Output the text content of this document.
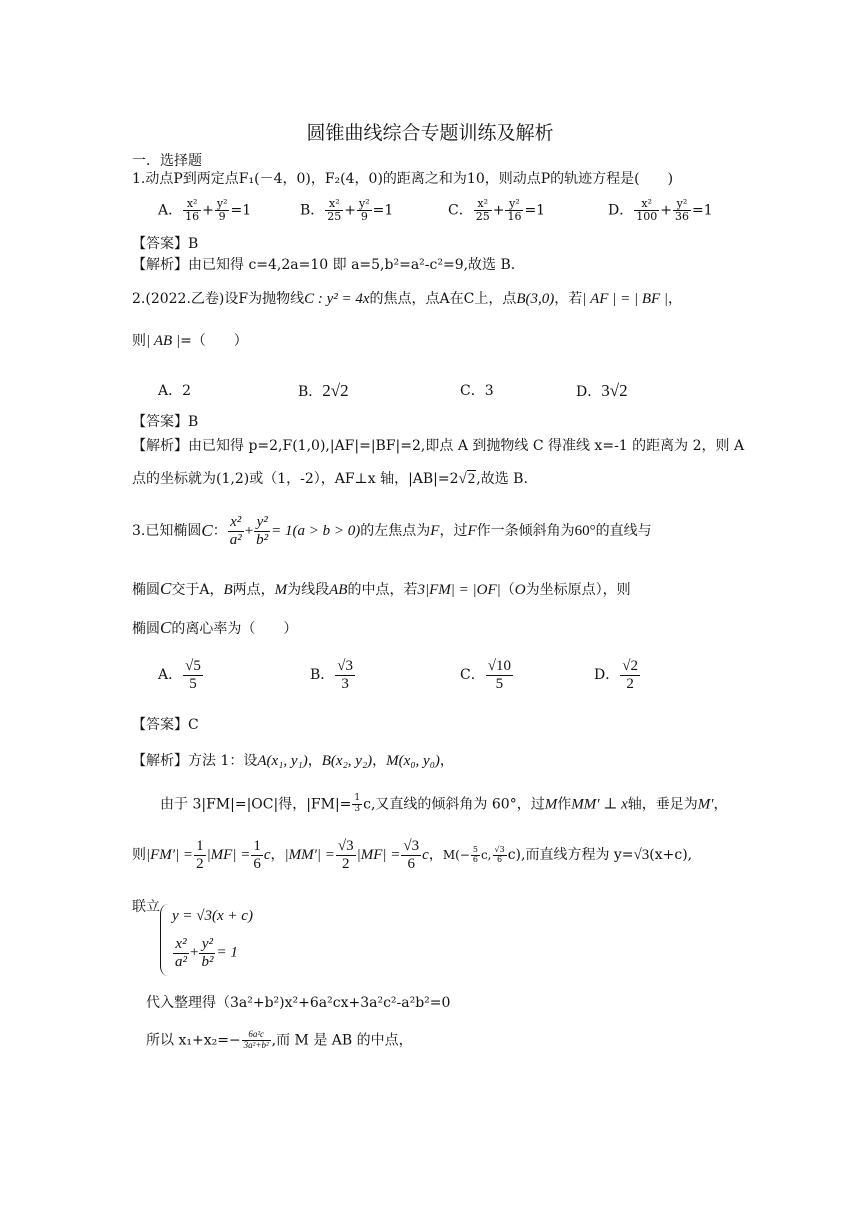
圆锥曲线综合专题训练及解析
一．选择题
1.动点P到两定点F₁(－4，0)，F₂(4，0)的距离之和为10，则动点P的轨迹方程是(　　)
A． $\frac{\text{x²}}{16} + \frac{\text{y²}}{9} =1$	B． $\frac{\text{x²}}{25} + \frac{\text{y²}}{9} =1$	C． $\frac{\text{x²}}{25} + \frac{\text{y²}}{16} =1$	D． $\frac{\text{x²}}{100} + \frac{\text{y²}}{36} =1$
【答案】B
【解析】由已知得 c=4,2a=10 即 a=5,b²=a²-c²=9,故选 B.
2.(2022.乙卷)设F为抛物线C : y² = 4x的焦点，点A在C上，点B(3,0)，若| AF | = | BF |，
则| AB |=（　　）
A．2	B．2√2	C．3	D．3√2
【答案】B
【解析】由已知得 p=2,F(1,0),|AF|=|BF|=2,即点 A 到抛物线 C 得准线 x=-1 的距离为 2，则 A
点的坐标就为(1,2)或（1，-2），AF⊥x 轴，|AB|=2√2,故选 B.
3.已知椭圆C： $\frac{\text{x²}}{\text{a²}} + \frac{\text{y²}}{\text{b²}} = 1(a > b > 0)$的左焦点为F，过F作一条倾斜角为60°的直线与
椭圆C交于A，B两点，M为线段AB的中点，若3|FM| = |OF|（O为坐标原点），则
椭圆C的离心率为（　　）
A． $\frac{√5}{5}$	B． $\frac{√3}{3}$	C． $\frac{√10}{5}$	D． $\frac{√2}{2}$
【答案】C
【解析】方法 1：设A(x₁, y₁)，B(x₂, y₂)，M(x₀, y₀)，
由于 3|FM|=|OC|得，$|FM|= \frac{1}{3} c$,又直线的倾斜角为 60°，过M作MM′ ⊥ x轴，垂足为M′，
则$|FM'| = \frac{1}{2} |MF| = \frac{1}{6}$ c，$|MM'| = \frac{√3}{2} |MF| = \frac{√3}{6}$ c，$M(- \frac{5}{6} c$, $\frac{√3}{6} c$),而直线方程为 y=√3(x+c),
联立
y = √3(x + c)
$\frac{\text{x²}}{\text{a²}} + \frac{\text{y²}}{\text{b²}} = 1$
代入整理得（3a²+b²)x²+6a²cx+3a²c²-a²b²=0
所以 $x_1+x_2=- \frac{\text{6a²c}}{\text{3a²+b²}}$ ,而 M 是 AB 的中点，
